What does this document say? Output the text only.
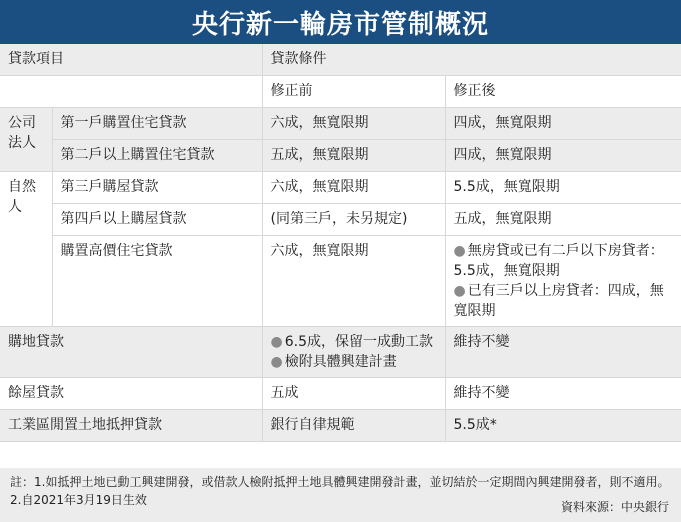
央行新一輪房市管制概況
貸款項目		貸款條件	
		修正前	修正後
公司
法人	第一戶購置住宅貸款	六成，無寬限期	四成，無寬限期
	第二戶以上購置住宅貸款	五成，無寬限期	四成，無寬限期
自然
人	第三戶購屋貸款	六成，無寬限期	5.5成，無寬限期
	第四戶以上購屋貸款	(同第三戶，未另規定)	五成，無寬限期
	購置高價住宅貸款	六成，無寬限期	● 無房貸或已有二戶以下房貸者：5.5成，無寬限期
● 已有三戶以上房貸者：四成，無寬限期

購地貸款		● 6.5成，保留一成動工款
● 檢附具體興建計畫	維持不變
餘屋貸款		五成	維持不變
工業區閒置土地抵押貸款		銀行自律規範	5.5成*
註：1.如抵押土地已動工興建開發，或借款人檢附抵押土地具體興建開發計畫，並切結於一定期間內興建開發者，則不適用。2.自2021年3月19日生效	資料來源：中央銀行
